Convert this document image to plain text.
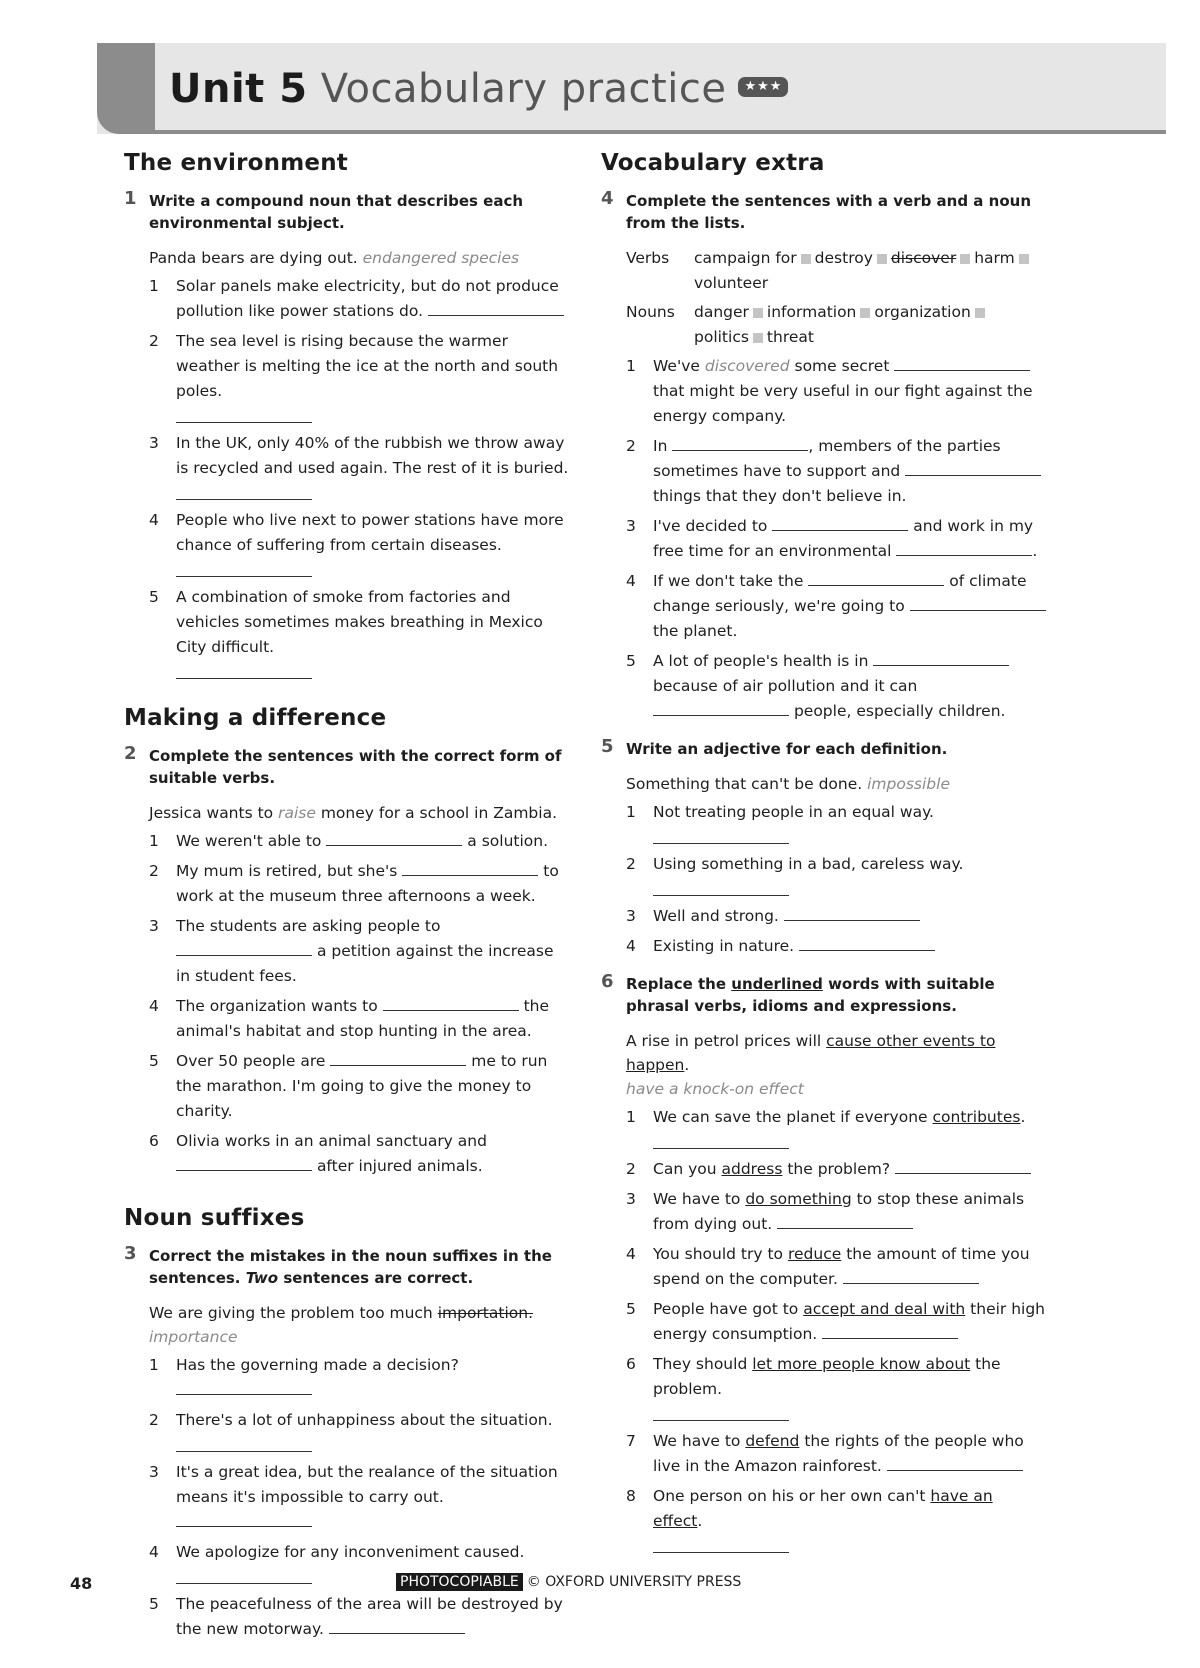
Unit 5 Vocabulary practice ★★★
The environment
1 Write a compound noun that describes each environmental subject.
Panda bears are dying out. endangered species
1 Solar panels make electricity, but do not produce pollution like power stations do.
2 The sea level is rising because the warmer weather is melting the ice at the north and south poles.
3 In the UK, only 40% of the rubbish we throw away is recycled and used again. The rest of it is buried.
4 People who live next to power stations have more chance of suffering from certain diseases.
5 A combination of smoke from factories and vehicles sometimes makes breathing in Mexico City difficult.
Making a difference
2 Complete the sentences with the correct form of suitable verbs.
Jessica wants to raise money for a school in Zambia.
1 We weren't able to	a solution.
2 My mum is retired, but she's	to work at the museum three afternoons a week.
3 The students are asking people to  a petition against the increase in student fees.
4 The organization wants to	the animal's habitat and stop hunting in the area.
5 Over 50 people are	me to run the marathon. I'm going to give the money to charity.
6 Olivia works in an animal sanctuary and  after injured animals.
Noun suffixes
3 Correct the mistakes in the noun suffixes in the sentences. Two sentences are correct.
We are giving the problem too much importation.
importance
1 Has the governing made a decision?
2 There's a lot of unhappiness about the situation.
3 It's a great idea, but the realance of the situation means it's impossible to carry out.
4 We apologize for any inconveniment caused.
5 The peacefulness of the area will be destroyed by the new motorway.
Vocabulary extra
4 Complete the sentences with a verb and a noun from the lists.
Verbs	campaign for destroy discover harm
volunteer
Nouns	danger information organization
politics threat
1 We've discovered some secret  that might be very useful in our fight against the energy company.
2 In	, members of the parties sometimes have to support and  things that they don't believe in.
3 I've decided to	and work in my free time for an environmental	.
4 If we don't take the	of climate change seriously, we're going to  the planet.
5 A lot of people's health is in  because of air pollution and it can  people, especially children.
5 Write an adjective for each definition.
Something that can't be done. impossible
1 Not treating people in an equal way.
2 Using something in a bad, careless way.
3 Well and strong.
4 Existing in nature.
6 Replace the underlined words with suitable phrasal verbs, idioms and expressions.
A rise in petrol prices will cause other events to happen.
have a knock-on effect
1 We can save the planet if everyone contributes.
2 Can you address the problem?
3 We have to do something to stop these animals from dying out.
4 You should try to reduce the amount of time you spend on the computer.
5 People have got to accept and deal with their high energy consumption.
6 They should let more people know about the problem.
7 We have to defend the rights of the people who live in the Amazon rainforest.
8 One person on his or her own can't have an effect.
48	PHOTOCOPIABLE © OXFORD UNIVERSITY PRESS
